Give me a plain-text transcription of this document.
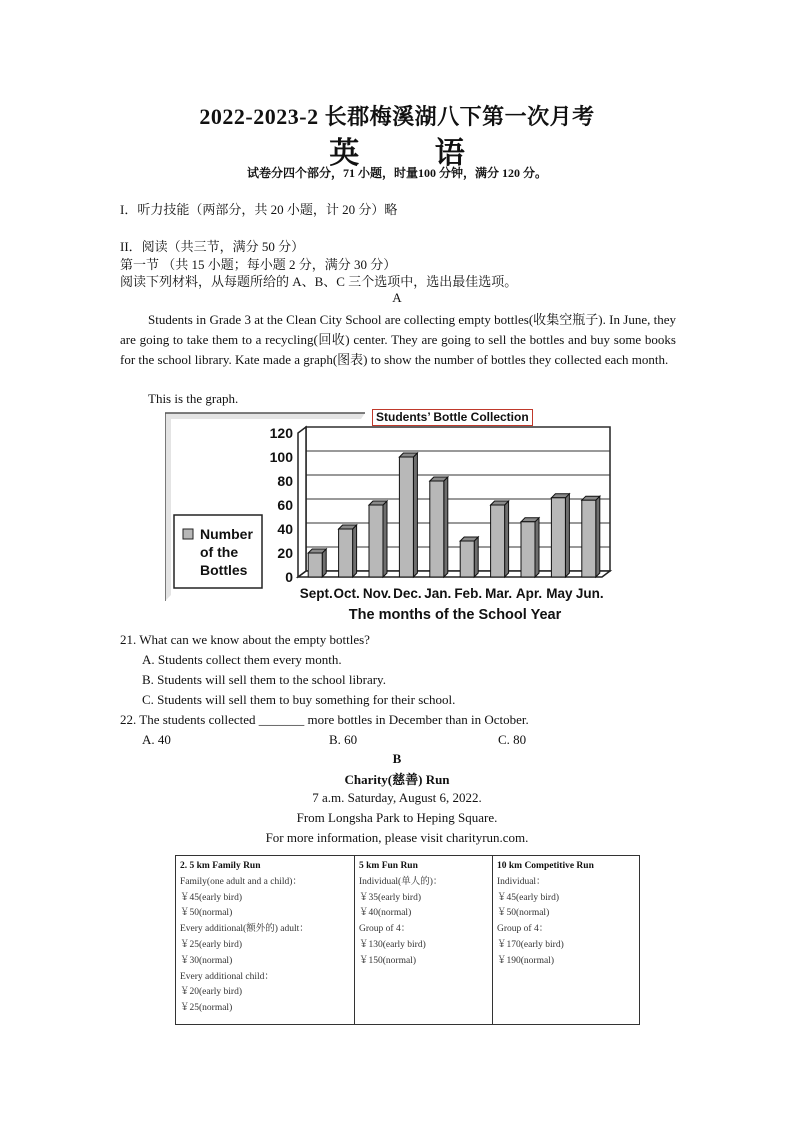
2022-2023-2 长郡梅溪湖八下第一次月考
英 语
试卷分四个部分，71 小题，时量100 分钟，满分 120 分。
I．听力技能（两部分，共 20 小题，计 20 分）略
II．阅读（共三节，满分 50 分）
第一节 （共 15 小题；每小题 2 分，满分 30 分）
阅读下列材料，从每题所给的 A、B、C 三个选项中，选出最佳选项。
A
Students in Grade 3 at the Clean City School are collecting empty bottles(收集空瓶子). In June, they are going to take them to a recycling(回收) center. They are going to sell the bottles and buy some books for the school library. Kate made a graph(图表) to show the number of bottles they collected each month.
This is the graph.
Number of the Bottles	0
20
40
60
80
100
120
Sept. Oct. Nov. Dec. Jan. Feb. Mar. Apr. May Jun.
The months of the School Year
Students’ Bottle Collection
21. What can we know about the empty bottles?
A. Students collect them every month.
B. Students will sell them to the school library.
C. Students will sell them to buy something for their school.
22. The students collected _______ more bottles in December than in October.
A. 40	B. 60	C. 80
B
Charity(慈善) Run
7 a.m. Saturday, August 6, 2022.
From Longsha Park to Heping Square.
For more information, please visit charityrun.com.
2. 5 km Family Run
Family(one adult and a child)：
￥45(early bird)
￥50(normal)
Every additional(额外的) adult：
￥25(early bird)
￥30(normal)
Every additional child：
￥20(early bird)
￥25(normal)
5 km Fun Run
Individual(单人的)：
￥35(early bird)
￥40(normal)
Group of 4：
￥130(early bird)
￥150(normal)
10 km Competitive Run
Individual：
￥45(early bird)
￥50(normal)
Group of 4：
￥170(early bird)
￥190(normal)
